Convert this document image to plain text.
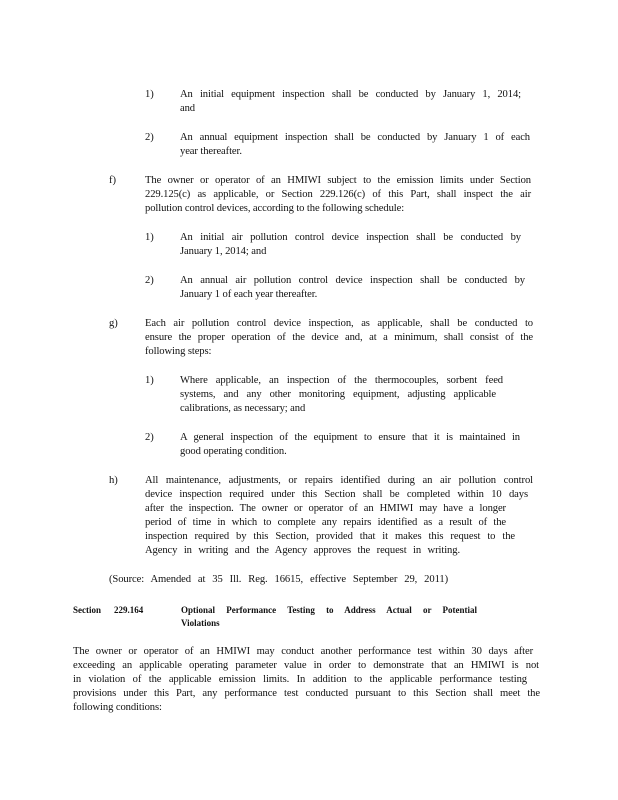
1) An initial equipment inspection shall be conducted by January 1, 2014;
and
2) An annual equipment inspection shall be conducted by January 1 of each
year thereafter.
f)	The owner or operator of an HMIWI subject to the emission limits under Section
229.125(c) as applicable, or Section 229.126(c) of this Part, shall inspect the air
pollution control devices, according to the following schedule:
1) An initial air pollution control device inspection shall be conducted by
January 1, 2014; and
2) An annual air pollution control device inspection shall be conducted by
January 1 of each year thereafter.
g)	Each air pollution control device inspection, as applicable, shall be conducted to
ensure the proper operation of the device and, at a minimum, shall consist of the
following steps:
1) Where applicable, an inspection of the thermocouples, sorbent feed
systems, and any other monitoring equipment, adjusting applicable
calibrations, as necessary; and
2) A general inspection of the equipment to ensure that it is maintained in
good operating condition.
h)	All maintenance, adjustments, or repairs identified during an air pollution control
device inspection required under this Section shall be completed within 10 days
after the inspection. The owner or operator of an HMIWI may have a longer
period of time in which to complete any repairs identified as a result of the
inspection required by this Section, provided that it makes this request to the
Agency in writing and the Agency approves the request in writing.
(Source: Amended at 35 Ill. Reg. 16615, effective September 29, 2011)
Section 229.164	Optional Performance Testing to Address Actual or Potential
Violations
The owner or operator of an HMIWI may conduct another performance test within 30 days after
exceeding an applicable operating parameter value in order to demonstrate that an HMIWI is not
in violation of the applicable emission limits. In addition to the applicable performance testing
provisions under this Part, any performance test conducted pursuant to this Section shall meet the
following conditions:
